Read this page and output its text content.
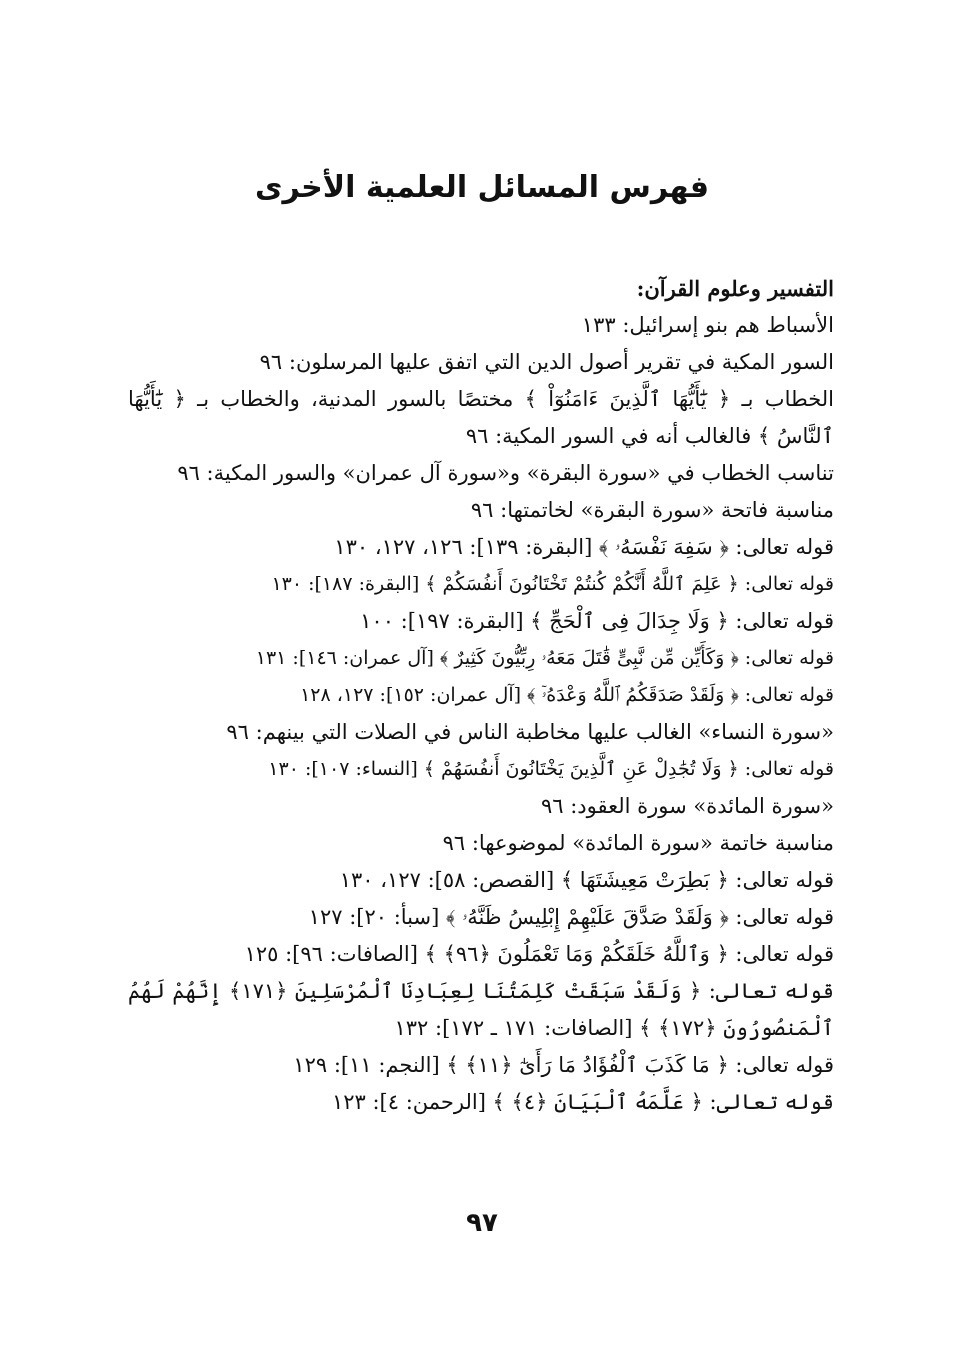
فهرس المسائل العلمية الأخرى
التفسير وعلوم القرآن:
الأسباط هم بنو إسرائيل: ١٣٣
السور المكية في تقرير أصول الدين التي اتفق عليها المرسلون: ٩٦
الخطاب بـ ﴿ يَٰٓأَيُّهَا ٱلَّذِينَ ءَامَنُوٓاْ ﴾ مختصًا بالسور المدنية، والخطاب بـ ﴿ يَٰٓأَيُّهَا ٱلنَّاسُ ﴾ فالغالب أنه في السور المكية: ٩٦
تناسب الخطاب في «سورة البقرة» و«سورة آل عمران» والسور المكية: ٩٦
مناسبة فاتحة «سورة البقرة» لخاتمتها: ٩٦
قوله تعالى: ﴿ سَفِهَ نَفْسَهُۥ ﴾ [البقرة: ١٣٩]: ١٢٦، ١٢٧، ١٣٠
قوله تعالى: ﴿ عَلِمَ ٱللَّهُ أَنَّكُمْ كُنتُمْ تَخْتَانُونَ أَنفُسَكُمْ ﴾ [البقرة: ١٨٧]: ١٣٠
قوله تعالى: ﴿ وَلَا جِدَالَ فِى ٱلْحَجِّ ﴾ [البقرة: ١٩٧]: ١٠٠
قوله تعالى: ﴿ وَكَأَيِّن مِّن نَّبِىٍّ قَٰتَلَ مَعَهُۥ رِبِّيُّونَ كَثِيرٌ ﴾ [آل عمران: ١٤٦]: ١٣١
قوله تعالى: ﴿ وَلَقَدْ صَدَقَكُمُ ٱللَّهُ وَعْدَهُۥٓ ﴾ [آل عمران: ١٥٢]: ١٢٧، ١٢٨
«سورة النساء» الغالب عليها مخاطبة الناس في الصلات التي بينهم: ٩٦
قوله تعالى: ﴿ وَلَا تُجَٰدِلْ عَنِ ٱلَّذِينَ يَخْتَانُونَ أَنفُسَهُمْ ﴾ [النساء: ١٠٧]: ١٣٠
«سورة المائدة» سورة العقود: ٩٦
مناسبة خاتمة «سورة المائدة» لموضوعها: ٩٦
قوله تعالى: ﴿ بَطِرَتْ مَعِيشَتَهَا ﴾ [القصص: ٥٨]: ١٢٧، ١٣٠
قوله تعالى: ﴿ وَلَقَدْ صَدَّقَ عَلَيْهِمْ إِبْلِيسُ ظَنَّهُۥ ﴾ [سبأ: ٢٠]: ١٢٧
قوله تعالى: ﴿ وَٱللَّهُ خَلَقَكُمْ وَمَا تَعْمَلُونَ ﴿٩٦﴾ ﴾ [الصافات: ٩٦]: ١٢٥
قوله تعالى: ﴿ وَلَقَدْ سَبَقَتْ كَلِمَتُنَا لِعِبَادِنَا ٱلْمُرْسَلِينَ ﴿١٧١﴾ إِنَّهُمْ لَهُمُ ٱلْمَنصُورُونَ ﴿١٧٢﴾ ﴾ [الصافات: ١٧١ ـ ١٧٢]: ١٣٢
قوله تعالى: ﴿ مَا كَذَبَ ٱلْفُؤَادُ مَا رَأَىٰٓ ﴿١١﴾ ﴾ [النجم: ١١]: ١٢٩
قوله تعالى: ﴿ عَلَّمَهُ ٱلْبَيَانَ ﴿٤﴾ ﴾ [الرحمن: ٤]: ١٢٣
٩٧
